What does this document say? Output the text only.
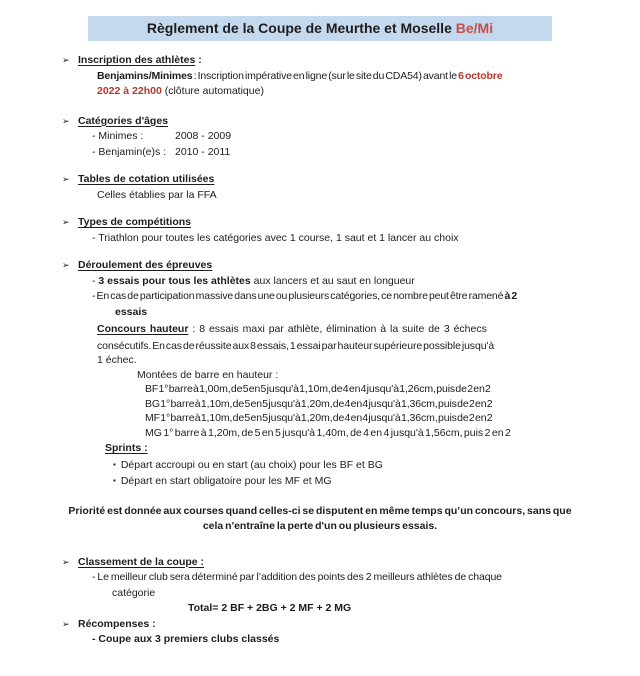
Règlement de la Coupe de Meurthe et Moselle Be/Mi
➢ Inscription des athlètes :
Benjamins/Minimes : Inscription impérative en ligne (sur le site du CDA54) avant le 6 octobre
2022 à 22h00 (clôture automatique)
➢ Catégories d'âges
- Minimes :	2008 - 2009
- Benjamin(e)s : 2010 - 2011
➢ Tables de cotation utilisées
Celles établies par la FFA
➢ Types de compétitions
- Triathlon pour toutes les catégories avec 1 course, 1 saut et 1 lancer au choix
➢ Déroulement des épreuves
- 3 essais pour tous les athlètes aux lancers et au saut en longueur
- En cas de participation massive dans une ou plusieurs catégories, ce nombre peut être ramené à 2
essais
Concours hauteur : 8 essais maxi par athlète, élimination à la suite de 3 échecs
consécutifs. En cas de réussite aux 8 essais, 1 essai par hauteur supérieure possible jusqu'à
1 échec.
Montées de barre en hauteur :
BF 1° barre à 1,00m, de 5 en 5 jusqu'à 1,10m, de 4 en 4 jusqu'à 1,26cm, puis de 2 en 2
BG 1° barre à 1,10m, de 5 en 5 jusqu'à 1,20m, de 4 en 4 jusqu'à 1,36cm, puis de 2 en 2
MF 1° barre à 1,10m, de 5 en 5 jusqu'à 1,20m, de 4 en 4 jusqu'à 1,36cm, puis de 2 en 2
MG 1° barre à 1,20m, de 5 en 5 jusqu'à 1,40m, de 4 en 4 jusqu'à 1,56cm, puis 2 en 2
Sprints :
▪ Départ accroupi ou en start (au choix) pour les BF et BG
▪ Départ en start obligatoire pour les MF et MG
Priorité est donnée aux courses quand celles-ci se disputent en même temps qu’un concours, sans que
cela n'entraîne la perte d'un ou plusieurs essais.
➢ Classement de la coupe :
- Le meilleur club sera déterminé par l’addition des points des 2 meilleurs athlètes de chaque
catégorie
Total= 2 BF + 2BG + 2 MF + 2 MG
➢ Récompenses :
- Coupe aux 3 premiers clubs classés
